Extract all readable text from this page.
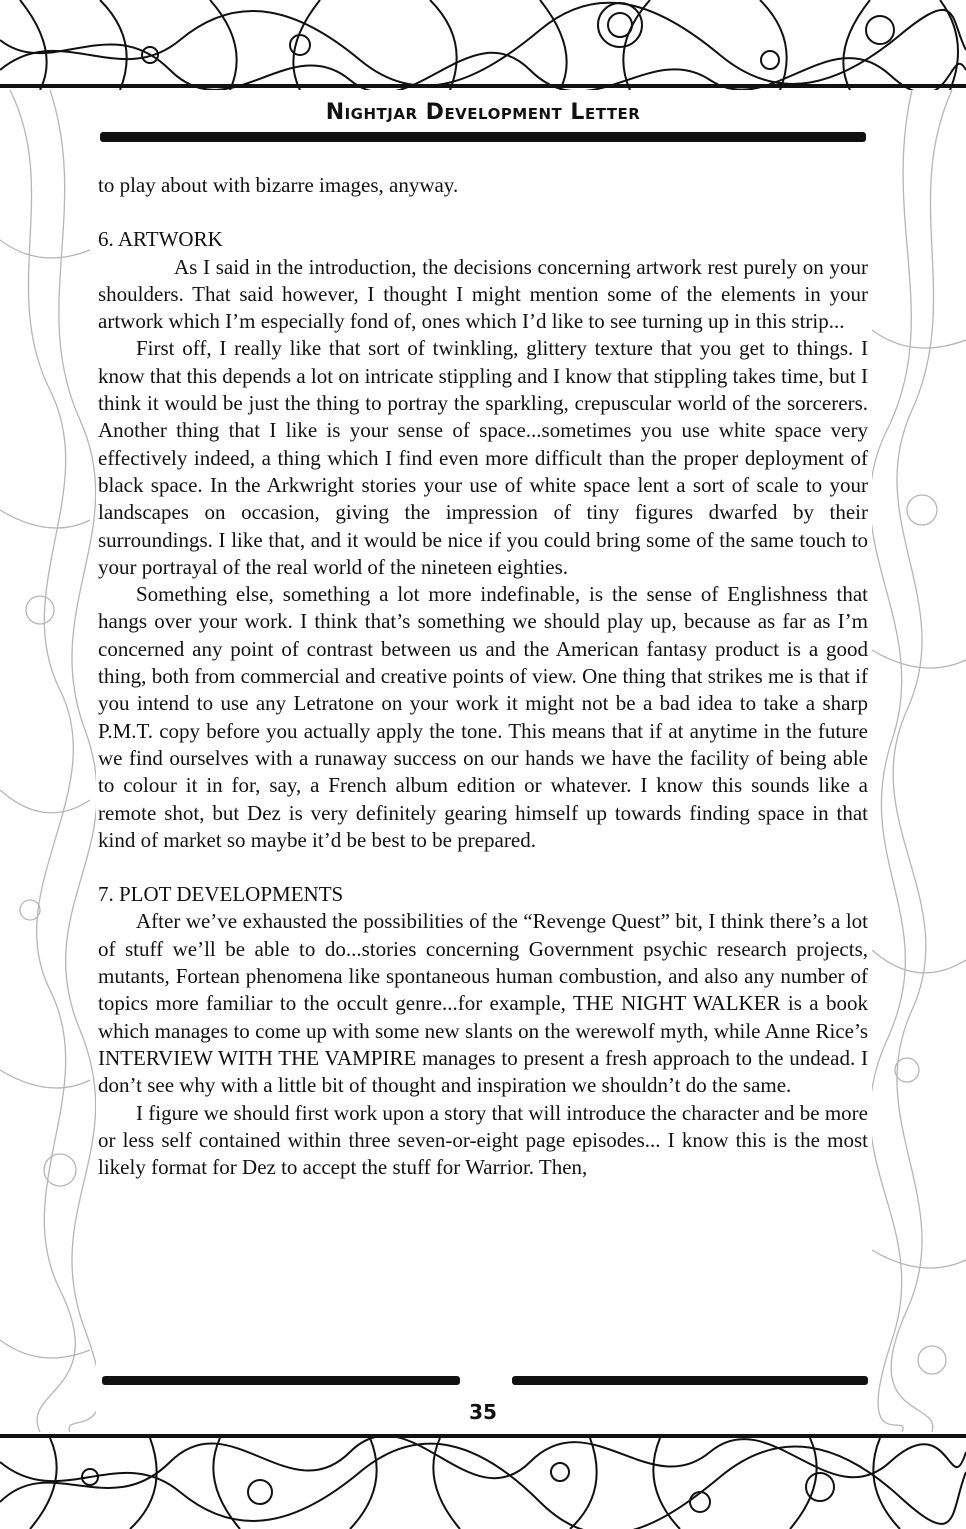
Nightjar Development Letter

to play about with bizarre images, anyway.

6. ARTWORK

As I said in the introduction, the decisions concerning artwork rest purely on your shoulders. That said however, I thought I might mention some of the elements in your artwork which I’m especially fond of, ones which I’d like to see turning up in this strip...

First off, I really like that sort of twinkling, glittery texture that you get to things. I know that this depends a lot on intricate stippling and I know that stippling takes time, but I think it would be just the thing to portray the sparkling, crepuscular world of the sorcerers. Another thing that I like is your sense of space...sometimes you use white space very effectively indeed, a thing which I find even more difficult than the proper deployment of black space. In the Arkwright stories your use of white space lent a sort of scale to your landscapes on occasion, giving the impression of tiny figures dwarfed by their surroundings. I like that, and it would be nice if you could bring some of the same touch to your portrayal of the real world of the nineteen eighties.

Something else, something a lot more indefinable, is the sense of Englishness that hangs over your work. I think that’s something we should play up, because as far as I’m concerned any point of contrast between us and the American fantasy product is a good thing, both from commercial and creative points of view. One thing that strikes me is that if you intend to use any Letratone on your work it might not be a bad idea to take a sharp P.M.T. copy before you actually apply the tone. This means that if at anytime in the future we find ourselves with a runaway success on our hands we have the facility of being able to colour it in for, say, a French album edition or whatever. I know this sounds like a remote shot, but Dez is very definitely gearing himself up towards finding space in that kind of market so maybe it’d be best to be prepared.

7. PLOT DEVELOPMENTS

After we’ve exhausted the possibilities of the “Revenge Quest” bit, I think there’s a lot of stuff we’ll be able to do...stories concerning Government psychic research projects, mutants, Fortean phenomena like spontaneous human combustion, and also any number of topics more familiar to the occult genre...for example, THE NIGHT WALKER is a book which manages to come up with some new slants on the werewolf myth, while Anne Rice’s INTERVIEW WITH THE VAMPIRE manages to present a fresh approach to the undead. I don’t see why with a little bit of thought and inspiration we shouldn’t do the same.

I figure we should first work upon a story that will introduce the character and be more or less self contained within three seven-or-eight page episodes... I know this is the most likely format for Dez to accept the stuff for Warrior. Then,

35
